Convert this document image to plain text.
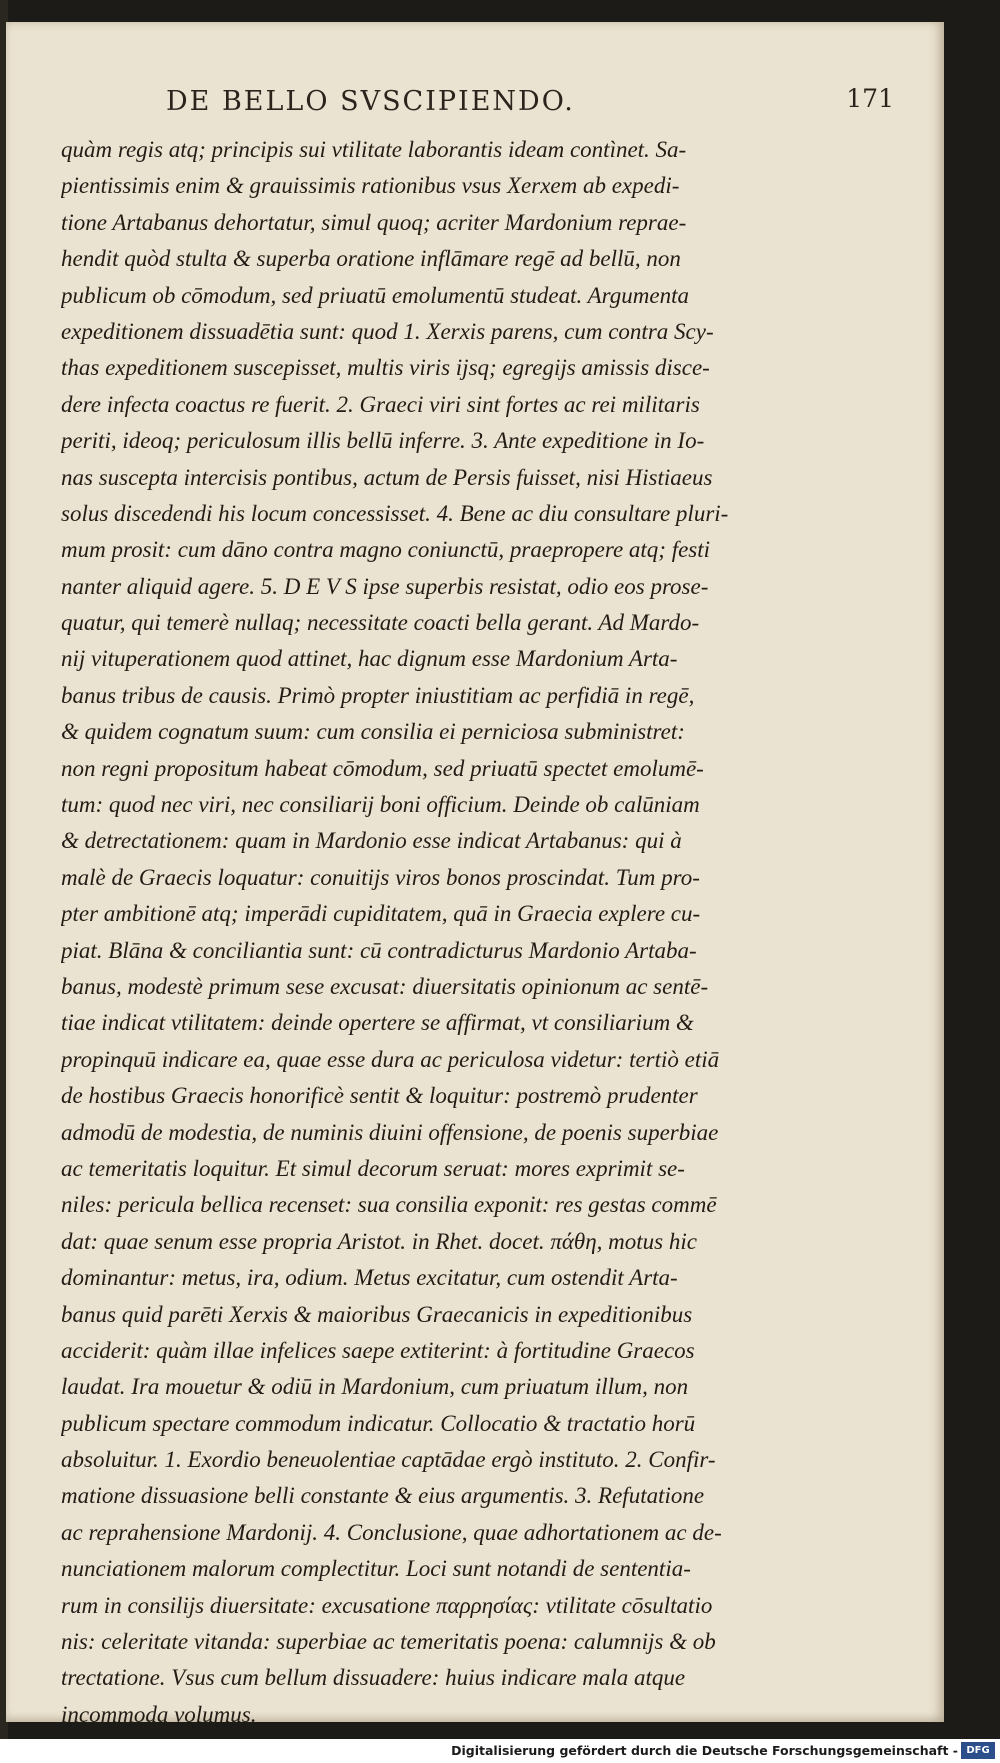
DE BELLO SVSCIPIENDO.	171
quàm regis atq; principis sui vtilitate laborantis ideam contìnet. Sa-
pientissimis enim & grauissimis rationibus vsus Xerxem ab expedi-
tione Artabanus dehortatur, simul quoq; acriter Mardonium reprae-
hendit quòd stulta & superba oratione inflāmare regē ad bellū, non
publicum ob cōmodum, sed priuatū emolumentū studeat. Argumenta
expeditionem dissuadētia sunt: quod 1. Xerxis parens, cum contra Scy-
thas expeditionem suscepisset, multis viris ijsq; egregijs amissis disce-
dere infecta coactus re fuerit. 2. Graeci viri sint fortes ac rei militaris
periti, ideoq; periculosum illis bellū inferre. 3. Ante expeditione in Io-
nas suscepta intercisis pontibus, actum de Persis fuisset, nisi Histiaeus
solus discedendi his locum concessisset. 4. Bene ac diu consultare pluri-
mum prosit: cum dāno contra magno coniunctū, praepropere atq; festi
nanter aliquid agere. 5. D E V S ipse superbis resistat, odio eos prose-
quatur, qui temerè nullaq; necessitate coacti bella gerant. Ad Mardo-
nij vituperationem quod attinet, hac dignum esse Mardonium Arta-
banus tribus de causis. Primò propter iniustitiam ac perfidiā in regē,
& quidem cognatum suum: cum consilia ei perniciosa subministret:
non regni propositum habeat cōmodum, sed priuatū spectet emolumē-
tum: quod nec viri, nec consiliarij boni officium. Deinde ob calūniam
& detrectationem: quam in Mardonio esse indicat Artabanus: qui à
malè de Graecis loquatur: conuitijs viros bonos proscindat. Tum pro-
pter ambitionē atq; imperādi cupiditatem, quā in Graecia explere cu-
piat. Blāna & conciliantia sunt: cū contradicturus Mardonio Artaba-
banus, modestè primum sese excusat: diuersitatis opinionum ac sentē-
tiae indicat vtilitatem: deinde opertere se affirmat, vt consiliarium &
propinquū indicare ea, quae esse dura ac periculosa videtur: tertiò etiā
de hostibus Graecis honorificè sentit & loquitur: postremò prudenter
admodū de modestia, de numinis diuini offensione, de poenis superbiae
ac temeritatis loquitur. Et simul decorum seruat: mores exprimit se-
niles: pericula bellica recenset: sua consilia exponit: res gestas commē
dat: quae senum esse propria Aristot. in Rhet. docet. πάθη, motus hic
dominantur: metus, ira, odium. Metus excitatur, cum ostendit Arta-
banus quid parēti Xerxis & maioribus Graecanicis in expeditionibus
acciderit: quàm illae infelices saepe extiterint: à fortitudine Graecos
laudat. Ira mouetur & odiū in Mardonium, cum priuatum illum, non
publicum spectare commodum indicatur. Collocatio & tractatio horū
absoluitur. 1. Exordio beneuolentiae captādae ergò instituto. 2. Confir-
matione dissuasione belli constante & eius argumentis. 3. Refutatione
ac reprahensione Mardonij. 4. Conclusione, quae adhortationem ac de-
nunciationem malorum complectitur. Loci sunt notandi de sententia-
rum in consilijs diuersitate: excusatione παρρησίας: vtilitate cōsultatio
nis: celeritate vitanda: superbiae ac temeritatis poena: calumnijs & ob
trectatione. Vsus cum bellum dissuadere: huius indicare mala atque
incommoda volumus.
Digitalisierung gefördert durch die Deutsche Forschungsgemeinschaft - DFG
